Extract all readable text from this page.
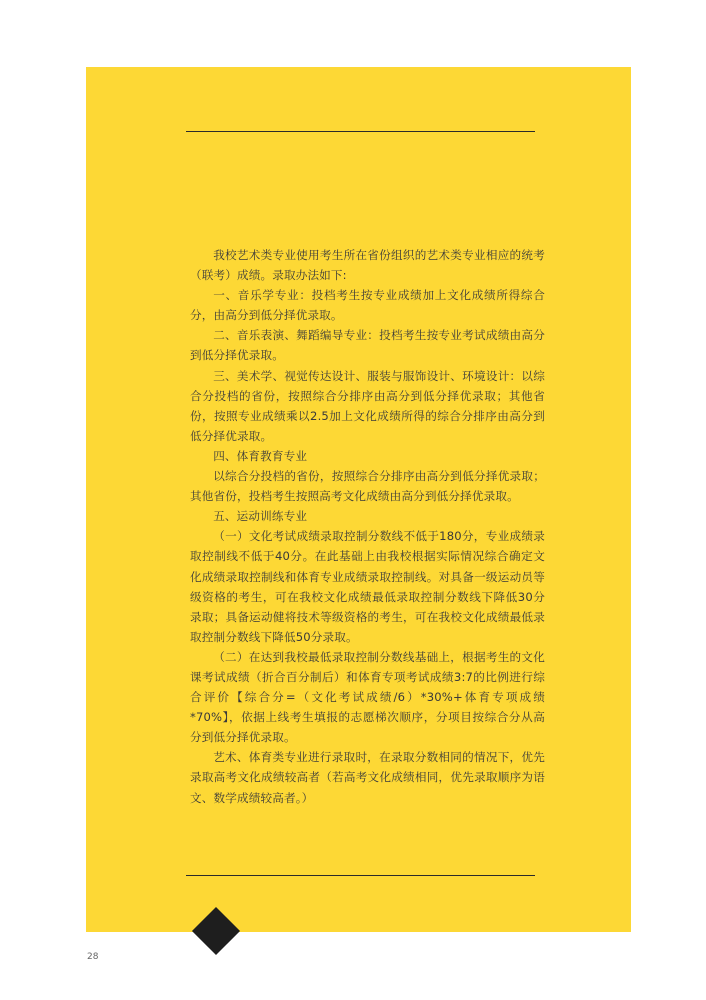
我校艺术类专业使用考生所在省份组织的艺术类专业相应的统考（联考）成绩。录取办法如下:

一、音乐学专业：投档考生按专业成绩加上文化成绩所得综合分，由高分到低分择优录取。

二、音乐表演、舞蹈编导专业：投档考生按专业考试成绩由高分到低分择优录取。

三、美术学、视觉传达设计、服装与服饰设计、环境设计：以综合分投档的省份，按照综合分排序由高分到低分择优录取；其他省份，按照专业成绩乘以2.5加上文化成绩所得的综合分排序由高分到低分择优录取。

四、体育教育专业

以综合分投档的省份，按照综合分排序由高分到低分择优录取；其他省份，投档考生按照高考文化成绩由高分到低分择优录取。

五、运动训练专业

（一）文化考试成绩录取控制分数线不低于180分，专业成绩录取控制线不低于40分。在此基础上由我校根据实际情况综合确定文化成绩录取控制线和体育专业成绩录取控制线。对具备一级运动员等级资格的考生，可在我校文化成绩最低录取控制分数线下降低30分录取；具备运动健将技术等级资格的考生，可在我校文化成绩最低录取控制分数线下降低50分录取。

（二）在达到我校最低录取控制分数线基础上，根据考生的文化课考试成绩（折合百分制后）和体育专项考试成绩3:7的比例进行综合评价【综合分=（文化考试成绩/6）*30%+体育专项成绩*70%】，依据上线考生填报的志愿梯次顺序，分项目按综合分从高分到低分择优录取。

艺术、体育类专业进行录取时，在录取分数相同的情况下，优先录取高考文化成绩较高者（若高考文化成绩相同，优先录取顺序为语文、数学成绩较高者。）

28
